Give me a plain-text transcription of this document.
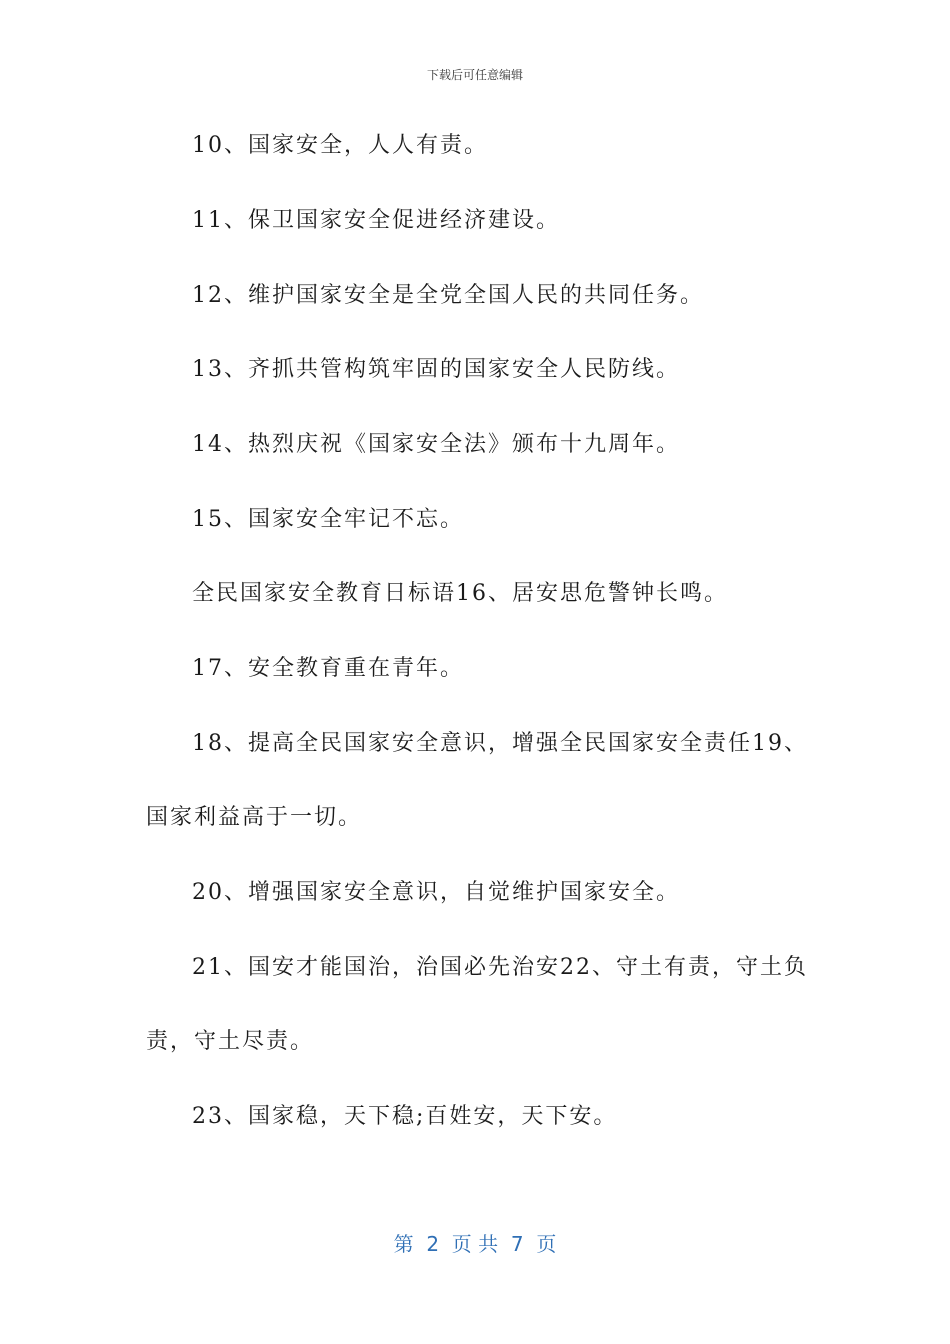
下载后可任意编辑
10、国家安全，人人有责。
11、保卫国家安全促进经济建设。
12、维护国家安全是全党全国人民的共同任务。
13、齐抓共管构筑牢固的国家安全人民防线。
14、热烈庆祝《国家安全法》颁布十九周年。
15、国家安全牢记不忘。
全民国家安全教育日标语16、居安思危警钟长鸣。
17、安全教育重在青年。
18、提高全民国家安全意识，增强全民国家安全责任19、
国家利益高于一切。
20、增强国家安全意识，自觉维护国家安全。
21、国安才能国治，治国必先治安22、守土有责，守土负
责，守土尽责。
23、国家稳，天下稳;百姓安，天下安。
第  2  页 共  7  页
